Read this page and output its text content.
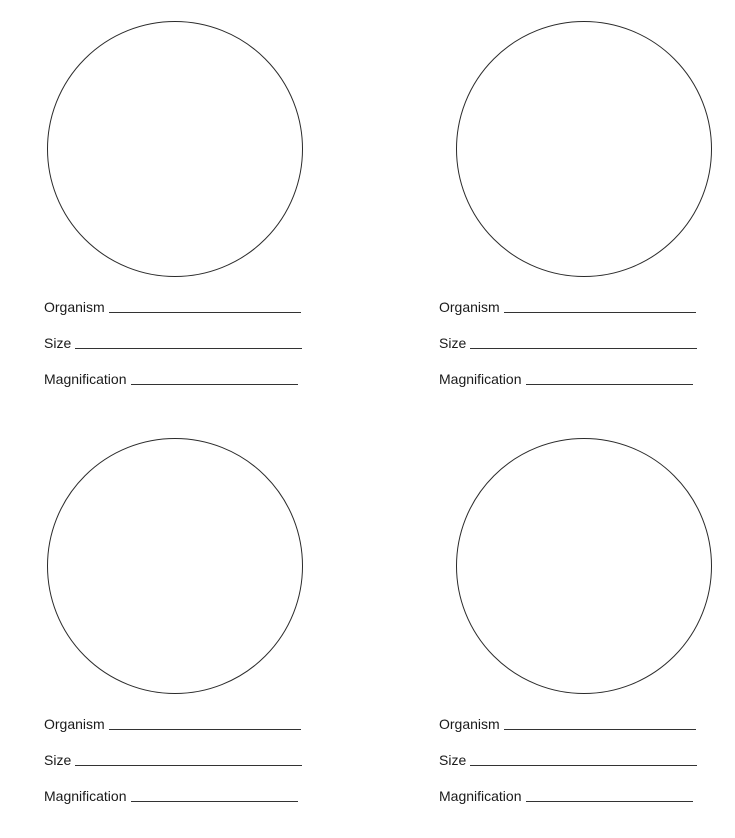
Organism
Size
Magnification
Organism
Size
Magnification
Organism
Size
Magnification
Organism
Size
Magnification
